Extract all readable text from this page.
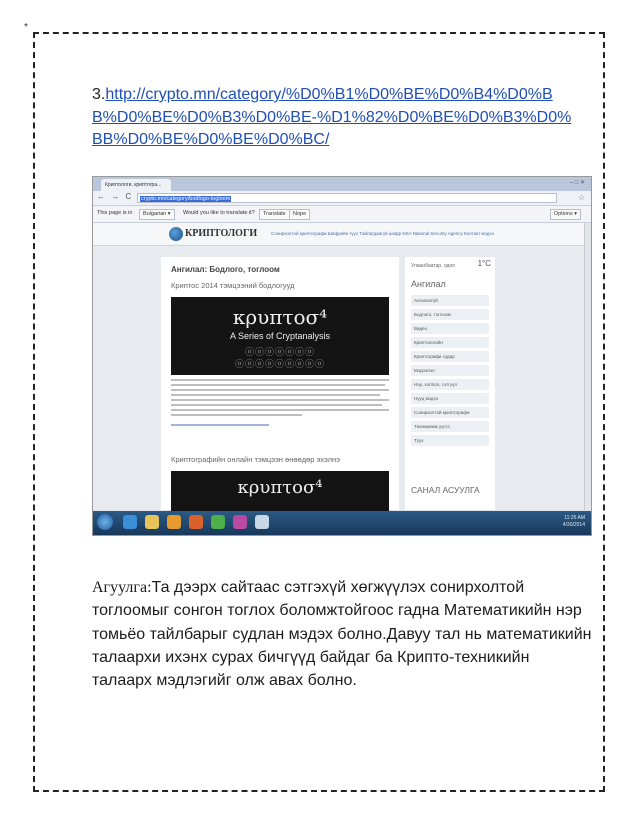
*
3.http://crypto.mn/category/%D0%B1%D0%BE%D0%B4%D0%BB%D0%BE%D0%B3%D0%BE-%D1%82%D0%BE%D0%B3%D0%BB%D0%BE%D0%BE%D0%BC/
Криптологи, криптогра...	– □ ✕
← → C	crypto.mn/category/bodlogo-togloom	☆
This page is in	Bulgarian ▾	Would you like to translate it?	Translate	Nope	Options ▾
КРИПТОЛОГИ	Сонирхолтой криптографи Шифрийн түүх Тайлагдаагүй шифр NSA National Security Agency Контакт мэдээ
Ангилал: Бодлого, тоглоом
Криптос 2014 тэмцээний бодлогууд
κρυπτοσ⁴
A Series of Cryptanalysis
ⓞⓞⓞⓞⓞⓞⓞ
ⓞⓞⓞⓞⓞⓞⓞⓞⓞ
Криптографийн онлайн тэмцээн өнөөдөр эхэлнэ
κρυπτοσ⁴
Улаанбаатар, одоо	1°C
Ангилал
Ангилалгүй
Бодлого, тоглоом
Видео
Криптологийн
Криптографи судар
Мэдээлэл
Нэр, хоппол, сэтгүүл
Нууц мэдээ
Сонирхолтой криптографи
Төхөөрөмж үүсгэ
Түүх
САНАЛ АСУУЛГА
11:25 AM
4/30/2014
Агуулга:Та дээрх сайтаас сэтгэхүй хөгжүүлэх сонирхолтой тоглоомыг сонгон тоглох боломжтойгоос гадна Математикийн нэр томьёо тайлбарыг судлан мэдэх болно.Давуу тал нь математикийн талаархи ихэнх сурах бичгүүд байдаг ба Крипто-техникийн талаарх мэдлэгийг олж авах болно.
